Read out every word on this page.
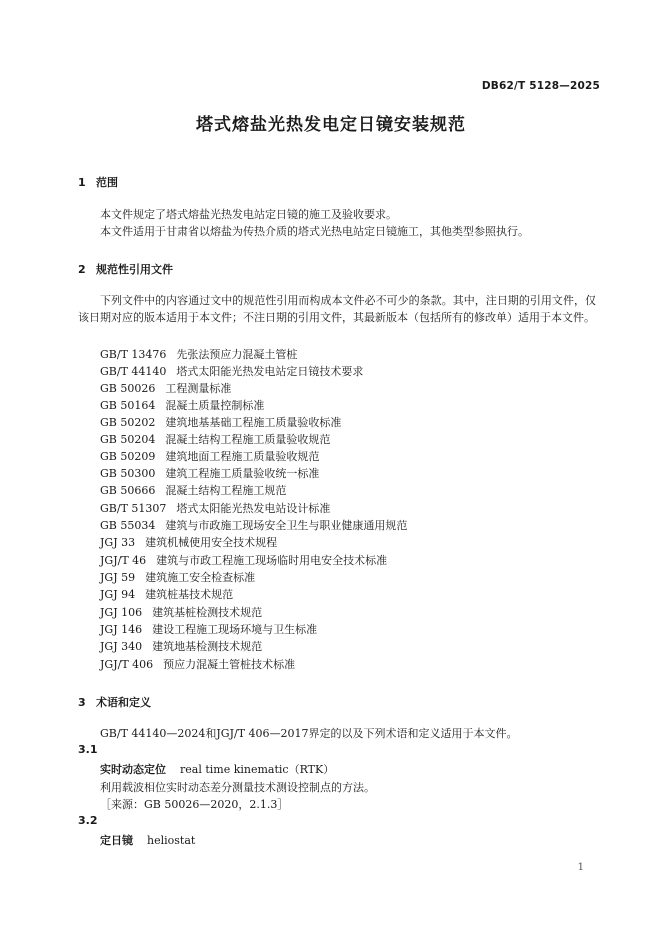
DB62/T 5128—2025
塔式熔盐光热发电定日镜安装规范
1 范围
本文件规定了塔式熔盐光热发电站定日镜的施工及验收要求。
本文件适用于甘肃省以熔盐为传热介质的塔式光热电站定日镜施工，其他类型参照执行。
2 规范性引用文件
下列文件中的内容通过文中的规范性引用而构成本文件必不可少的条款。其中，注日期的引用文件，仅该日期对应的版本适用于本文件；不注日期的引用文件，其最新版本（包括所有的修改单）适用于本文件。
GB/T 13476 先张法预应力混凝土管桩
GB/T 44140 塔式太阳能光热发电站定日镜技术要求
GB 50026 工程测量标准
GB 50164 混凝土质量控制标准
GB 50202 建筑地基基础工程施工质量验收标准
GB 50204 混凝土结构工程施工质量验收规范
GB 50209 建筑地面工程施工质量验收规范
GB 50300 建筑工程施工质量验收统一标准
GB 50666 混凝土结构工程施工规范
GB/T 51307 塔式太阳能光热发电站设计标准
GB 55034 建筑与市政施工现场安全卫生与职业健康通用规范
JGJ 33 建筑机械使用安全技术规程
JGJ/T 46 建筑与市政工程施工现场临时用电安全技术标准
JGJ 59 建筑施工安全检查标准
JGJ 94 建筑桩基技术规范
JGJ 106 建筑基桩检测技术规范
JGJ 146 建设工程施工现场环境与卫生标准
JGJ 340 建筑地基检测技术规范
JGJ/T 406 预应力混凝土管桩技术标准
3 术语和定义
GB/T 44140—2024和JGJ/T 406—2017界定的以及下列术语和定义适用于本文件。
3.1
实时动态定位 real time kinematic（RTK）
利用载波相位实时动态差分测量技术测设控制点的方法。
［来源：GB 50026—2020，2.1.3］
3.2
定日镜 heliostat
1
